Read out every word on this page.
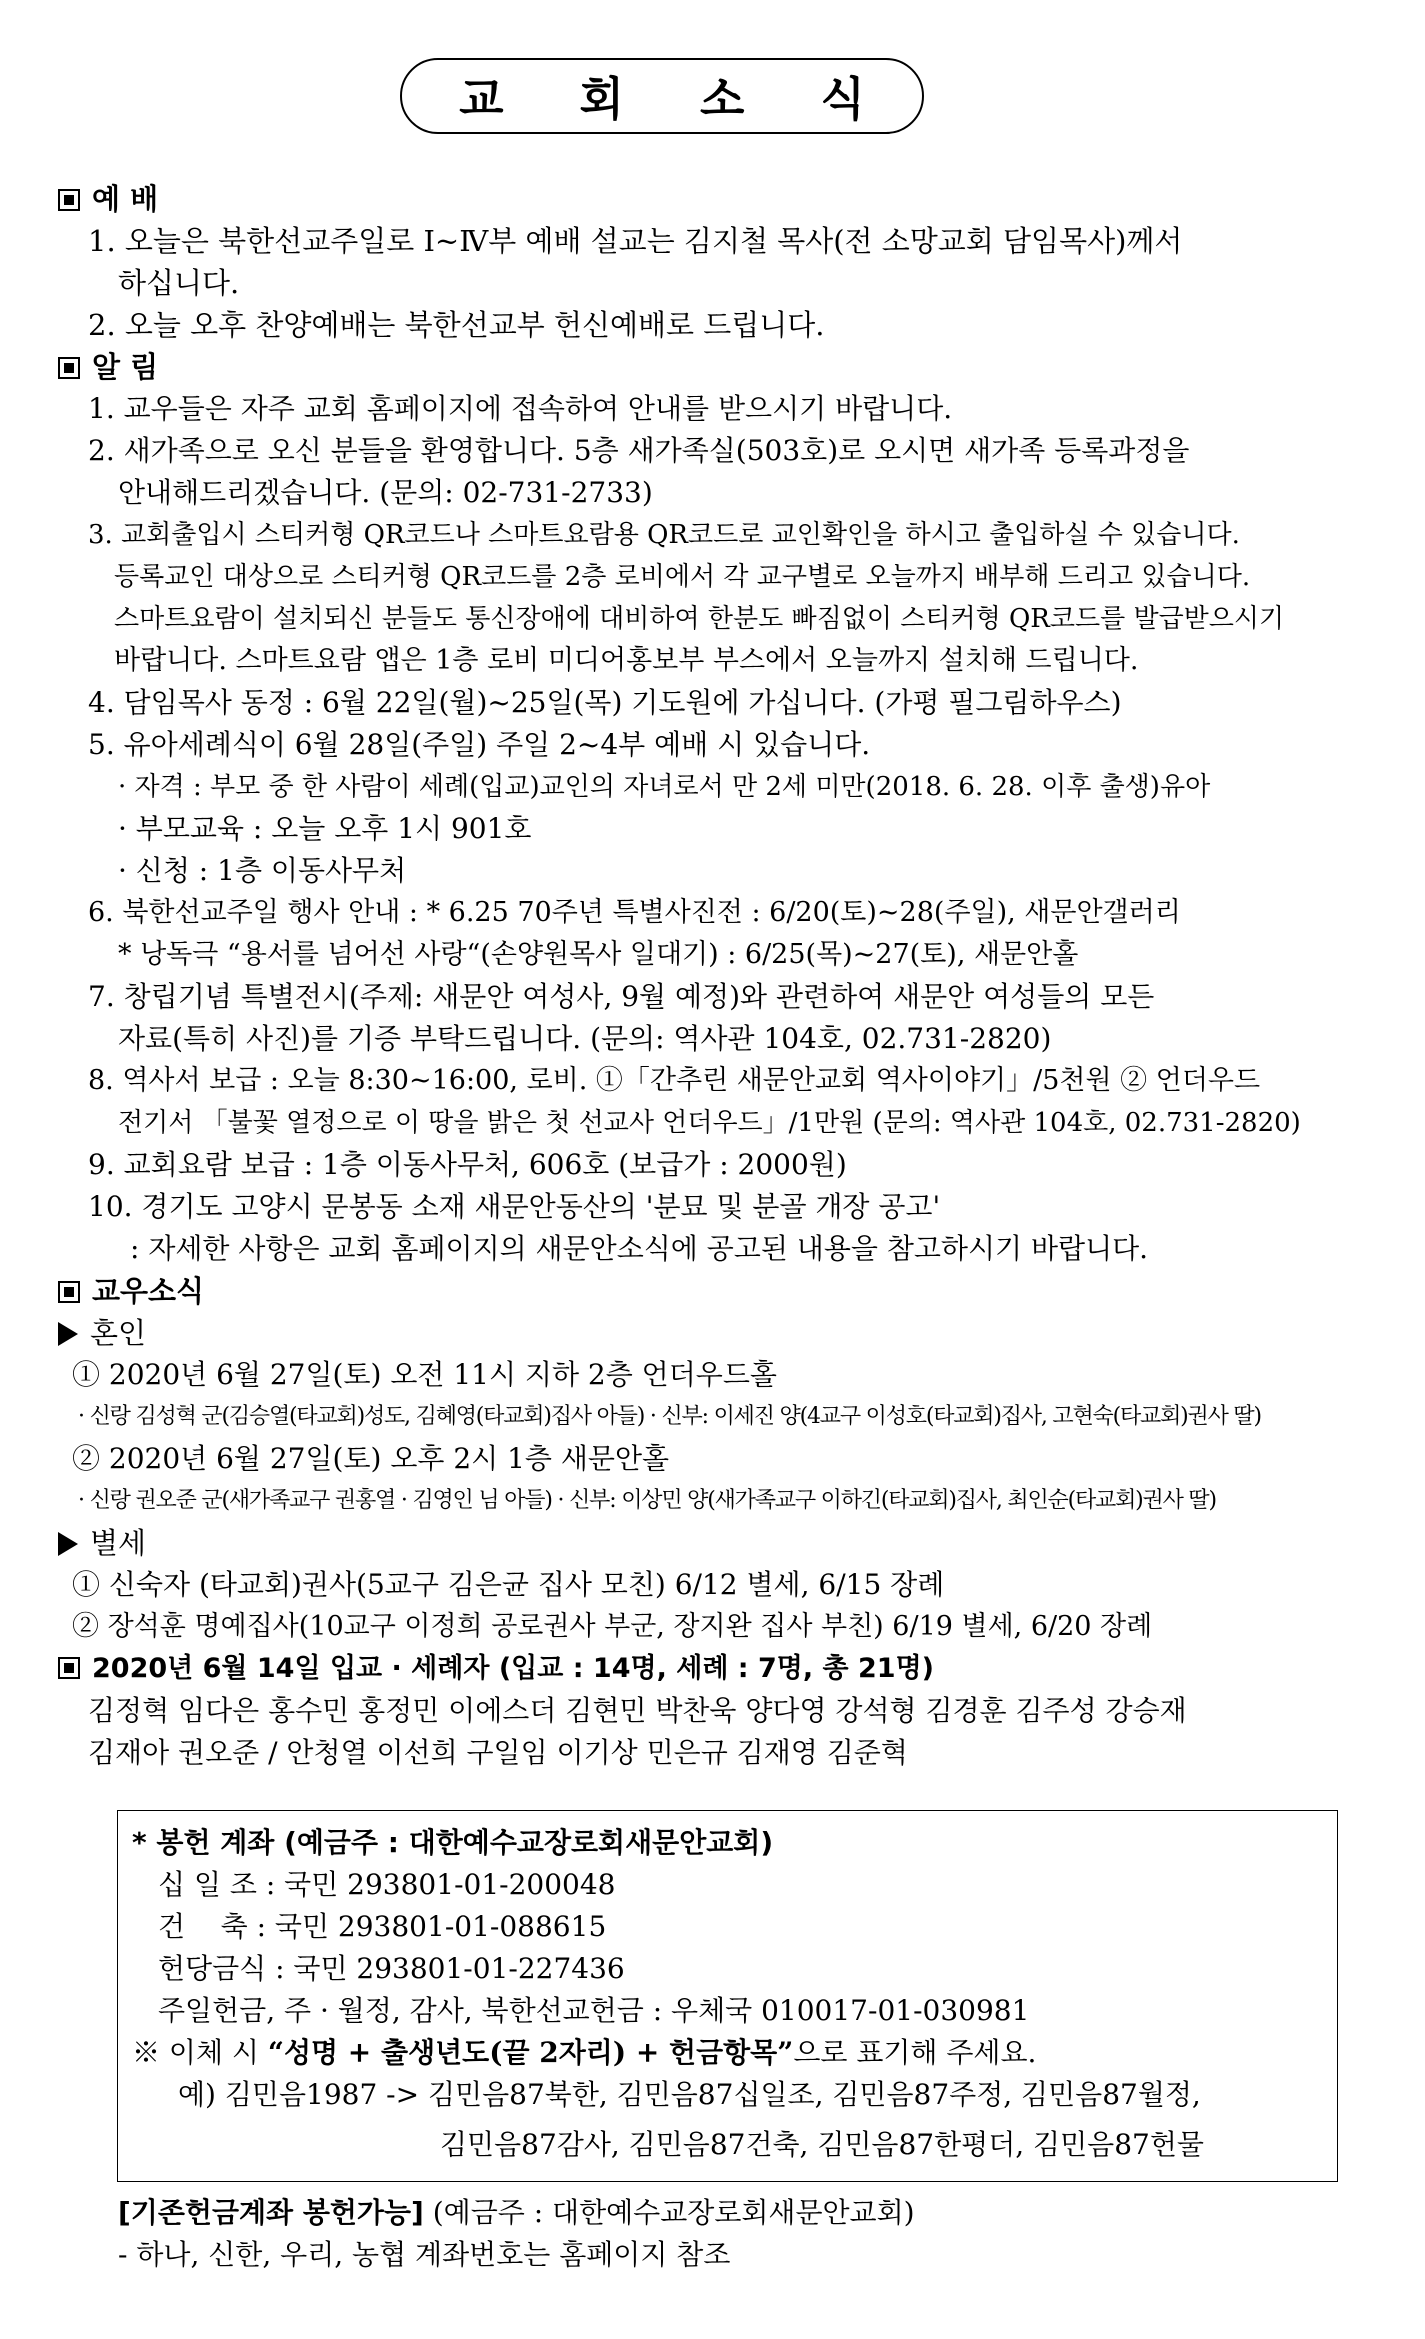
교 회 소 식
예 배
1. 오늘은 북한선교주일로 Ⅰ~Ⅳ부 예배 설교는 김지철 목사(전 소망교회 담임목사)께서
하십니다.
2. 오늘 오후 찬양예배는 북한선교부 헌신예배로 드립니다.
알 림
1. 교우들은 자주 교회 홈페이지에 접속하여 안내를 받으시기 바랍니다.
2. 새가족으로 오신 분들을 환영합니다. 5층 새가족실(503호)로 오시면 새가족 등록과정을
안내해드리겠습니다. (문의: 02-731-2733)
3. 교회출입시 스티커형 QR코드나 스마트요람용 QR코드로 교인확인을 하시고 출입하실 수 있습니다.
등록교인 대상으로 스티커형 QR코드를 2층 로비에서 각 교구별로 오늘까지 배부해 드리고 있습니다.
스마트요람이 설치되신 분들도 통신장애에 대비하여 한분도 빠짐없이 스티커형 QR코드를 발급받으시기
바랍니다. 스마트요람 앱은 1층 로비 미디어홍보부 부스에서 오늘까지 설치해 드립니다.
4. 담임목사 동정 : 6월 22일(월)~25일(목) 기도원에 가십니다. (가평 필그림하우스)
5. 유아세례식이 6월 28일(주일) 주일 2~4부 예배 시 있습니다.
· 자격 : 부모 중 한 사람이 세례(입교)교인의 자녀로서 만 2세 미만(2018. 6. 28. 이후 출생)유아
· 부모교육 : 오늘 오후 1시 901호
· 신청 : 1층 이동사무처
6. 북한선교주일 행사 안내 : * 6.25 70주년 특별사진전 : 6/20(토)~28(주일), 새문안갤러리
* 낭독극 “용서를 넘어선 사랑“(손양원목사 일대기) : 6/25(목)~27(토), 새문안홀
7. 창립기념 특별전시(주제: 새문안 여성사, 9월 예정)와 관련하여 새문안 여성들의 모든
자료(특히 사진)를 기증 부탁드립니다. (문의: 역사관 104호, 02.731-2820)
8. 역사서 보급 : 오늘 8:30~16:00, 로비. ①「간추린 새문안교회 역사이야기」/5천원 ② 언더우드
전기서 「불꽃 열정으로 이 땅을 밝은 첫 선교사 언더우드」/1만원 (문의: 역사관 104호, 02.731-2820)
9. 교회요람 보급 : 1층 이동사무처, 606호 (보급가 : 2000원)
10. 경기도 고양시 문봉동 소재 새문안동산의 '분묘 및 분골 개장 공고'
: 자세한 사항은 교회 홈페이지의 새문안소식에 공고된 내용을 참고하시기 바랍니다.
교우소식
혼인
① 2020년 6월 27일(토) 오전 11시 지하 2층 언더우드홀
· 신랑 김성혁 군(김승열(타교회)성도, 김혜영(타교회)집사 아들) · 신부: 이세진 양(4교구 이성호(타교회)집사, 고현숙(타교회)권사 딸)
② 2020년 6월 27일(토) 오후 2시 1층 새문안홀
· 신랑 권오준 군(새가족교구 권홍열 · 김영인 님 아들) · 신부: 이상민 양(새가족교구 이하긴(타교회)집사, 최인순(타교회)권사 딸)
별세
① 신숙자 (타교회)권사(5교구 김은균 집사 모친) 6/12 별세, 6/15 장례
② 장석훈 명예집사(10교구 이정희 공로권사 부군, 장지완 집사 부친) 6/19 별세, 6/20 장례
2020년 6월 14일 입교 · 세례자 (입교 : 14명, 세례 : 7명, 총 21명)
김정혁 임다은 홍수민 홍정민 이에스더 김현민 박찬욱 양다영 강석형 김경훈 김주성 강승재
김재아 권오준 / 안청열 이선희 구일임 이기상 민은규 김재영 김준혁
* 봉헌 계좌 (예금주 : 대한예수교장로회새문안교회)
십 일 조 : 국민 293801-01-200048
건    축 : 국민 293801-01-088615
헌당금식 : 국민 293801-01-227436
주일헌금, 주 · 월정, 감사, 북한선교헌금 : 우체국 010017-01-030981
※ 이체 시 “성명 + 출생년도(끝 2자리) + 헌금항목”으로 표기해 주세요.
예) 김민음1987 -> 김민음87북한, 김민음87십일조, 김민음87주정, 김민음87월정,
김민음87감사, 김민음87건축, 김민음87한평더, 김민음87헌물
[기존헌금계좌 봉헌가능] (예금주 : 대한예수교장로회새문안교회)
- 하나, 신한, 우리, 농협 계좌번호는 홈페이지 참조
